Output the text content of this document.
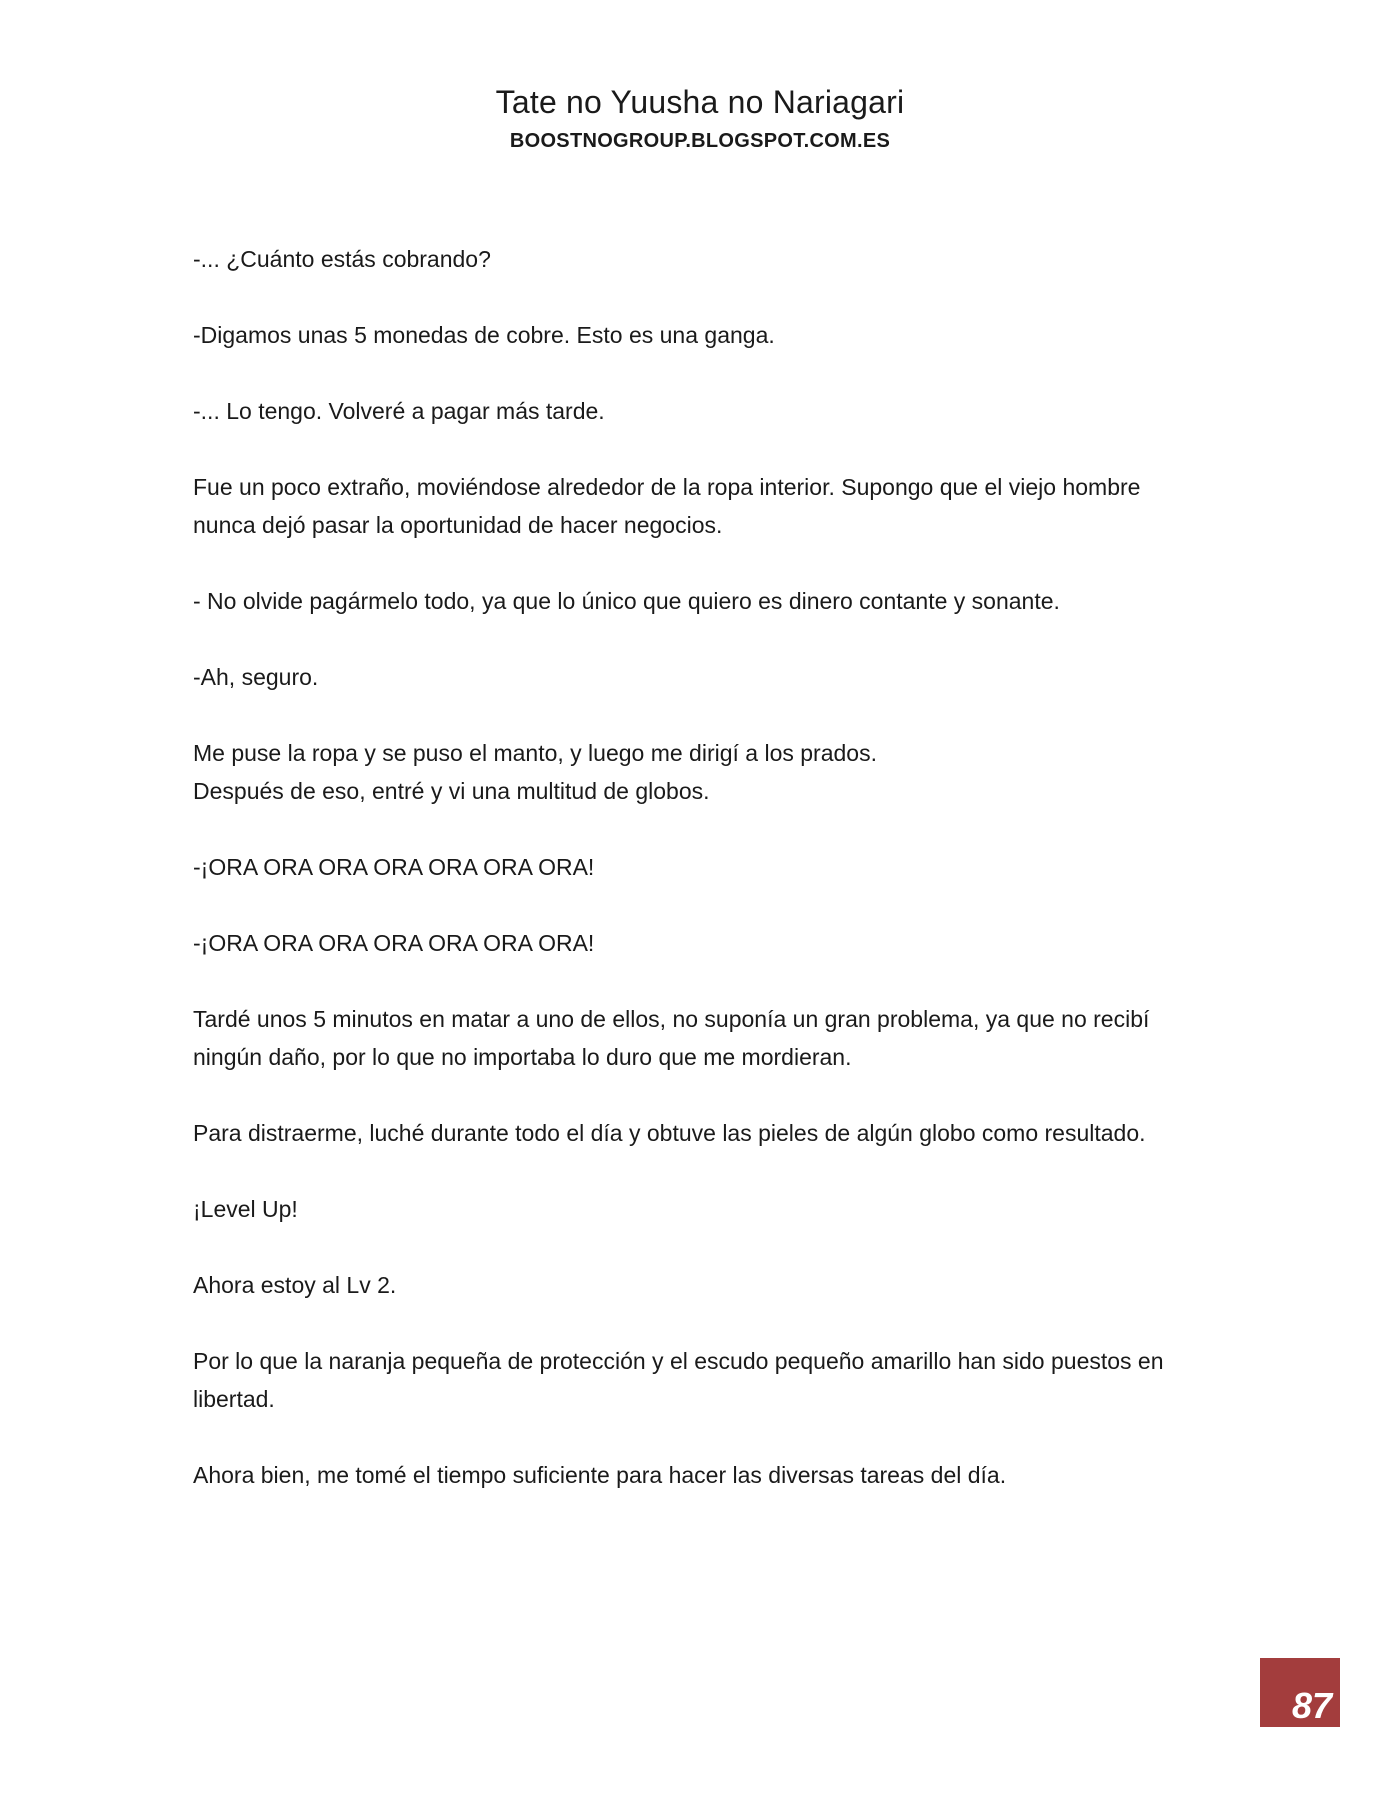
Tate no Yuusha no Nariagari
BOOSTNOGROUP.BLOGSPOT.COM.ES

-... ¿Cuánto estás cobrando?

-Digamos unas 5 monedas de cobre. Esto es una ganga.

-... Lo tengo. Volveré a pagar más tarde.

Fue un poco extraño, moviéndose alrededor de la ropa interior. Supongo que el viejo hombre nunca dejó pasar la oportunidad de hacer negocios.

- No olvide pagármelo todo, ya que lo único que quiero es dinero contante y sonante.

-Ah, seguro.

Me puse la ropa y se puso el manto, y luego me dirigí a los prados.
Después de eso, entré y vi una multitud de globos.

-¡ORA ORA ORA ORA ORA ORA ORA!

-¡ORA ORA ORA ORA ORA ORA ORA!

Tardé unos 5 minutos en matar a uno de ellos, no suponía un gran problema, ya que no recibí ningún daño, por lo que no importaba lo duro que me mordieran.

Para distraerme, luché durante todo el día y obtuve las pieles de algún globo como resultado.

¡Level Up!

Ahora estoy al Lv 2.

Por lo que la naranja pequeña de protección y el escudo pequeño amarillo han sido puestos en libertad.

Ahora bien, me tomé el tiempo suficiente para hacer las diversas tareas del día.

87
